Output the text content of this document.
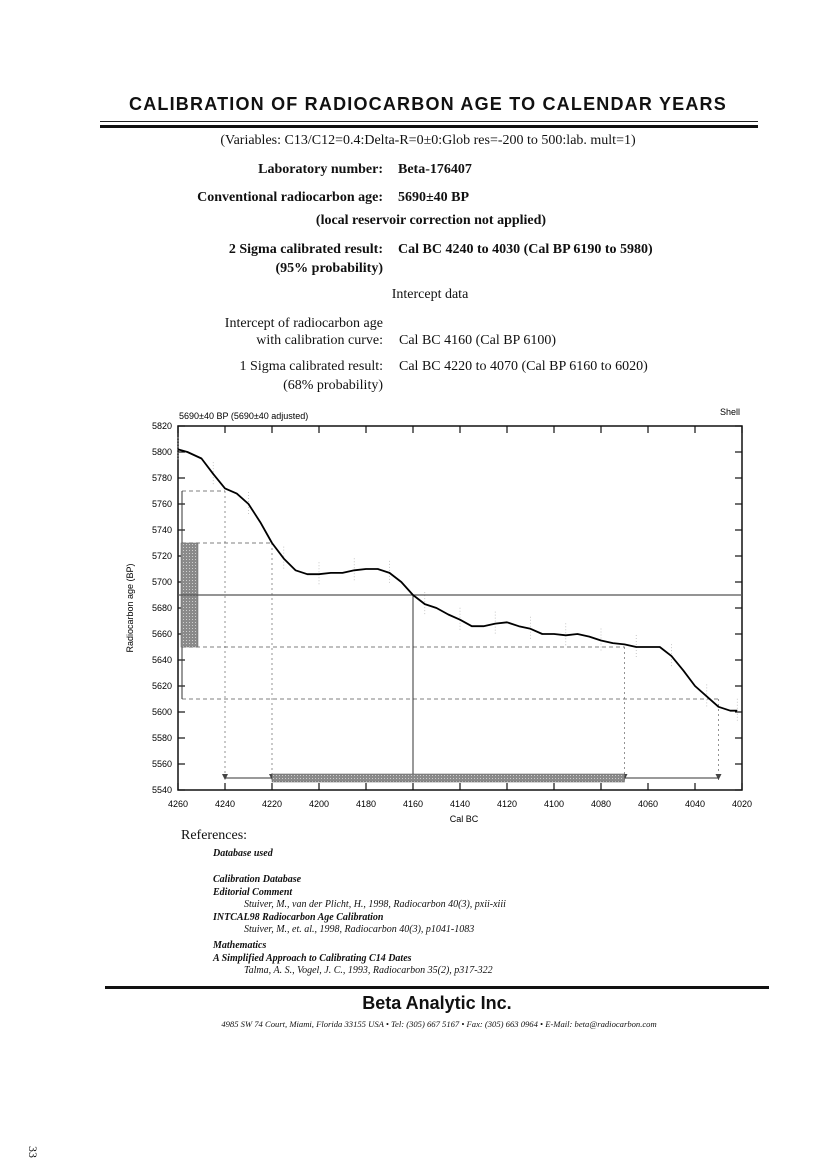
CALIBRATION OF RADIOCARBON AGE TO CALENDAR YEARS
(Variables: C13/C12=0.4:Delta-R=0±0:Glob res=-200 to 500:lab. mult=1)
Laboratory number: Beta-176407
Conventional radiocarbon age: 5690±40 BP
(local reservoir correction not applied)
2 Sigma calibrated result: Cal BC 4240 to 4030 (Cal BP 6190 to 5980)
(95% probability)
Intercept data
Intercept of radiocarbon age
with calibration curve: Cal BC 4160 (Cal BP 6100)
1 Sigma calibrated result: Cal BC 4220 to 4070 (Cal BP 6160 to 6020)
(68% probability)
5690±40 BP (5690±40 adjusted)	Shell
4260	4240	4220	4200	4180	4160	4140	4120	4100	4080	4060	4040	4020
5820
5800
5780
5760
5740
5720
5700
5680
5660
5640
5620
5600
5580
5560
5540
Cal BC
Radiocarbon age (BP)
References:
Database used
Calibration Database
Editorial Comment
Stuiver, M., van der Plicht, H., 1998, Radiocarbon 40(3), pxii-xiii
INTCAL98 Radiocarbon Age Calibration
Stuiver, M., et. al., 1998, Radiocarbon 40(3), p1041-1083
Mathematics
A Simplified Approach to Calibrating C14 Dates
Talma, A. S., Vogel, J. C., 1993, Radiocarbon 35(2), p317-322
Beta Analytic Inc.
4985 SW 74 Court, Miami, Florida 33155 USA • Tel: (305) 667 5167 • Fax: (305) 663 0964 • E-Mail: beta@radiocarbon.com
33
